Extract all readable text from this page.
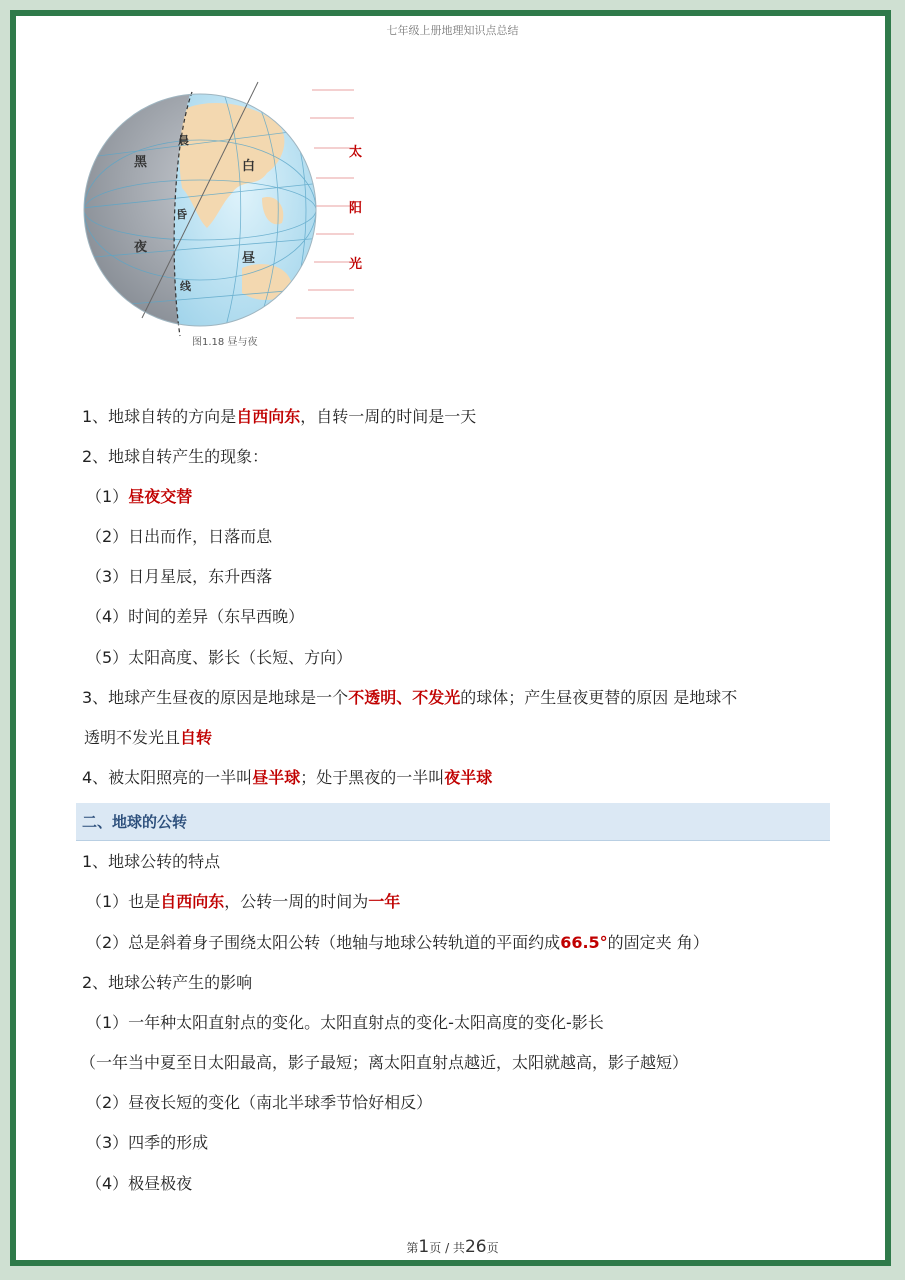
七年级上册地理知识点总结
黑
夜
晨
昏
线
白
昼
太
阳
光
图1.18 昼与夜
1、地球自转的方向是自西向东，自转一周的时间是一天
2、地球自转产生的现象：
（1）昼夜交替
（2）日出而作，日落而息
（3）日月星辰，东升西落
（4）时间的差异（东早西晚）
（5）太阳高度、影长（长短、方向）
3、地球产生昼夜的原因是地球是一个不透明、不发光的球体；产生昼夜更替的原因 是地球不
透明不发光且自转
4、被太阳照亮的一半叫昼半球；处于黑夜的一半叫夜半球
二、地球的公转
1、地球公转的特点
（1）也是自西向东，公转一周的时间为一年
（2）总是斜着身子围绕太阳公转（地轴与地球公转轨道的平面约成66.5°的固定夹 角）
2、地球公转产生的影响
（1）一年种太阳直射点的变化。太阳直射点的变化-太阳高度的变化-影长
（一年当中夏至日太阳最高，影子最短；离太阳直射点越近，太阳就越高，影子越短）
（2）昼夜长短的变化（南北半球季节恰好相反）
（3）四季的形成
（4）极昼极夜
第1页 / 共26页
